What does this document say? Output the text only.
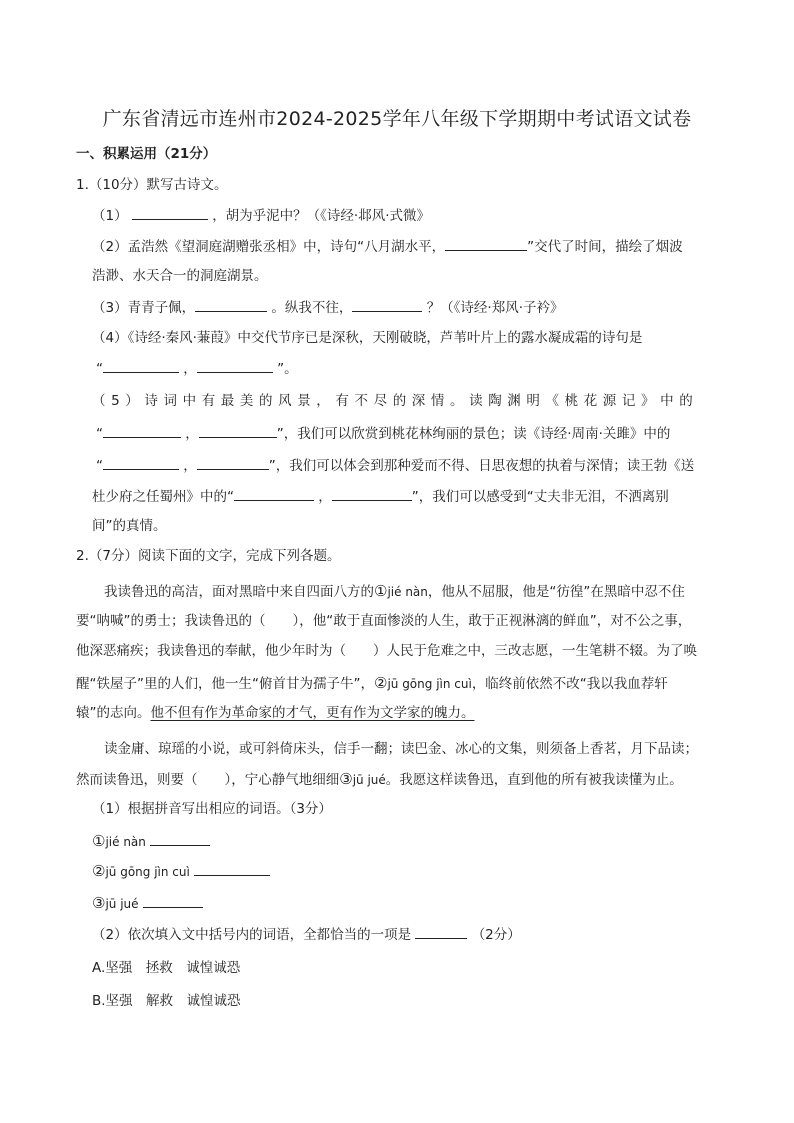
广东省清远市连州市2024-2025学年八年级下学期期中考试语文试卷
一、积累运用（21分）
1.（10分）默写古诗文。
（1）	，胡为乎泥中？（《诗经·邶风·式微》
（2）孟浩然《望洞庭湖赠张丞相》中，诗句“八月湖水平，	”交代了时间，描绘了烟波
浩渺、水天合一的洞庭湖景。
（3）青青子佩，	。纵我不往，	？（《诗经·郑风·子衿》
（4）《诗经·秦风·蒹葭》中交代节序已是深秋，天刚破晓，芦苇叶片上的露水凝成霜的诗句是
“	，	”。
（5）诗词中有最美的风景，有不尽的深情。读陶渊明《桃花源记》中的
“	，	”，我们可以欣赏到桃花林绚丽的景色；读《诗经·周南·关雎》中的
“	，	”，我们可以体会到那种爱而不得、日思夜想的执着与深情；读王勃《送
杜少府之任蜀州》中的“	，	”，我们可以感受到“丈夫非无泪，不洒离别
间”的真情。
2.（7分）阅读下面的文字，完成下列各题。
我读鲁迅的高洁，面对黑暗中来自四面八方的①jié nàn，他从不屈服，他是“彷徨”在黑暗中忍不住
要“呐喊”的勇士；我读鲁迅的（　　），他“敢于直面惨淡的人生，敢于正视淋漓的鲜血”，对不公之事，
他深恶痛疾；我读鲁迅的奉献，他少年时为（　　）人民于危难之中，三改志愿，一生笔耕不辍。为了唤
醒“铁屋子”里的人们，他一生“俯首甘为孺子牛”，②jū gōng jìn cuì，临终前依然不改“我以我血荐轩
辕”的志向。他不但有作为革命家的才气，更有作为文学家的魄力。
读金庸、琼瑶的小说，或可斜倚床头，信手一翻；读巴金、冰心的文集，则须备上香茗，月下品读；
然而读鲁迅，则要（　　），宁心静气地细细③jū jué。我愿这样读鲁迅，直到他的所有被我读懂为止。
（1）根据拼音写出相应的词语。（3分）
①jié nàn
②jū gōng jìn cuì
③jū jué
（2）依次填入文中括号内的词语，全都恰当的一项是	（2分）
A.坚强　拯救　诚惶诚恐
B.坚强　解救　诚惶诚恐
